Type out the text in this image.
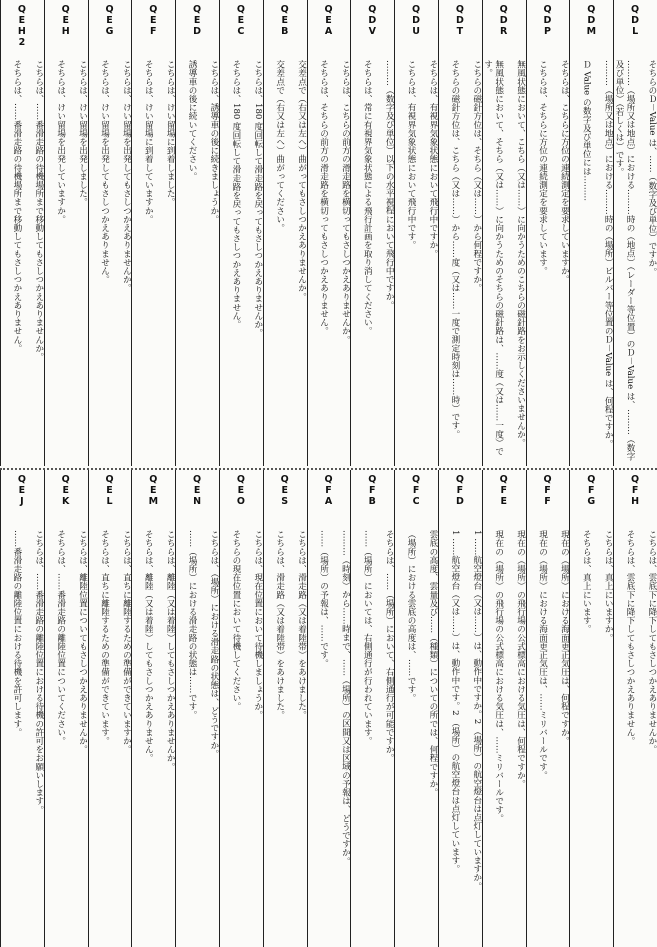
QDL
そちらのＤ－Value は、……（数字及び単位）ですか。
………（場所又は地点）における………時の（地点）（レーダー等位置）のＤ－Value は、………（数字及び単位）（若しくは）です。
QDM
………（場所又は地点）における………時の（場所）ビルバー等位置のＤ－Value は、何程ですか。
Ｄ Value の数字及び単位には………
QDP
そちらは、こちらに方位の連続測定を要求していますか。
こちらは、そちらに方位の連続測定を要求しています。
QDR
無風状態において、こちら（又は……）に向かうためのこちらの磁針路をお示しくださいませんか。
無風状態において、そちら（又は……）に向かうためのそちらの磁針路は、……度（又は……一度）です。
QDT
こちらの磁針方位は、そちら（又は……）から何程ですか。
そちらの磁針方位は、こちら（又は……）から……度（又は……一度で測定時刻は……時）です。
QDU
そちらは、有視界気象状態において飛行中ですか。
こちらは、有視界気象状態において飛行中です。
QDV
………（数字及び単位）以下の水平視程において飛行中ですか。
そちらは、常に有視界気象状態による飛行計画を取り消してください。
QEA
こちらは、こちらの前方の滑走路を横切ってもさしつかえありませんか。
そちらは、そちらの前方の滑走路を横切ってもさしつかえありません。
QEB
交差点で（右又は左へ）曲がってもさしつかえありませんか。
交差点で（右又は左へ）曲がってください。
QEC
こちらは、180 度回転して滑走路を戻ってもさしつかえありませんか。
そちらは、180 度回転して滑走路を戻ってもさしつかえありません。
QED
こちらは、誘導車の後に続きましょうか。
誘導車の後に続いてください。
QEF
こちらは、けい留場に到着しました。
そちらは、けい留場に到着していますか。
QEG
こちらは、けい留場を出発してもさしつかえありませんか。
そちらは、けい留場を出発してもさしつかえありません。
QEH
こちらは、けい留場を出発しました。
そちらは、けい留場を出発していますか。
QEH2
こちらは、……番滑走路の待機場所まで移動してもさしつかえありませんか。
そちらは、……番滑走路の待機場所まで移動してもさしつかえありません。
QFH
こちらは、雲底下に降下してもさしつかえありませんか。
そちらは、雲底下に降下してもさしつかえありません。
QFG
こちらは、真上にいますか。
そちらは、真上にいます。
QFF
現在の（場所）における海面更正気圧は、何程ですか。
現在の（場所）における海面更正気圧は、……ミリバールです。
QFE
現在の（場所）の飛行場の公式標高における気圧は、何程ですか。
現在の（場所）の飛行場の公式標高における気圧は、……ミリバールです。
QFD
1 ……航空燈台（又は……）は、動作中ですか。2 （場所）の航空燈台は点灯していますか。
1 ……航空燈台（又は……）は、動作中です。2 （場所）の航空燈台は点灯しています。
QFC
雲底の高度、雲量及び……（種類）についての所では、何程ですか。
（場所）における雲底の高度は、……です。
QFB
そちらは、……（場所）において、右側通行が可能ですか。
……（場所）においては、右側通行が行われています。
QFA
………（時刻）から……時まで、……（場所）の区間又は区域の予報は、どうですか。
……（場所）の予報は、……です。
QES
こちらは、滑走路（又は着陸帯）をあけました。
こちらは、滑走路（又は着陸帯）をあけました。
QEO
こちらは、現在位置において待機しましょうか。
そちらの現在位置において待機してください。
QEN
こちらは、（場所）における滑走路の状態は、どうですか。
……（場所）における滑走路の状態は……です。
QEM
こちらは、離陸（又は着陸）してもさしつかえありませんか。
そちらは、離陸（又は着陸）してもさしつかえありません。
QEL
こちらは、直ちに離陸するための準備ができていますか。
そちらは、直ちに離陸するための準備ができています。
QEK
こちらは、離陸位置についてもさしつかえありませんか。
そちらは、……番滑走路の離陸位置についてください。
QEJ
こちらは、……番滑走路の離陸位置における待機の許可をお願いします。
……番滑走路の離陸位置における待機を許可します。
